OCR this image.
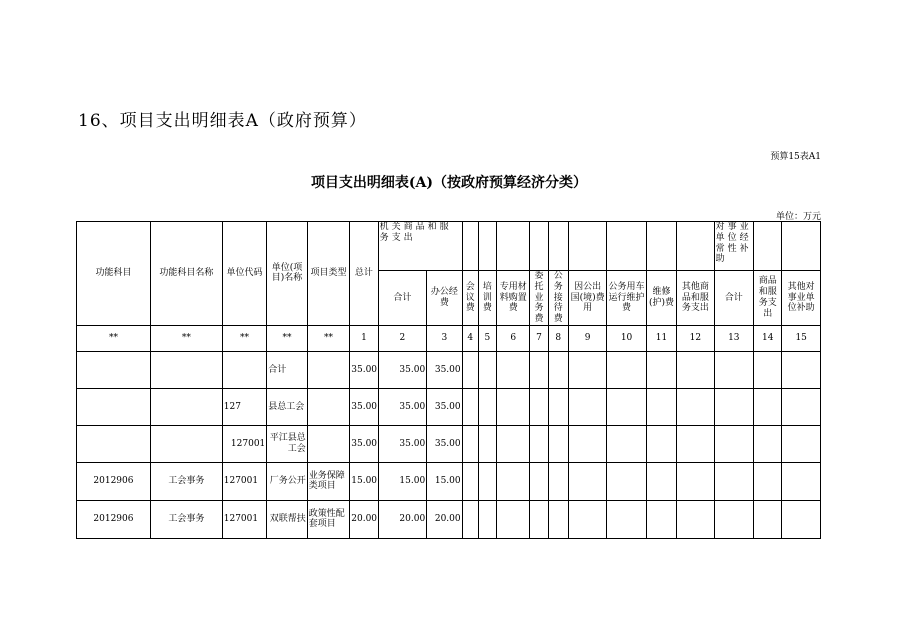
16、项目支出明细表A（政府预算）
预算15表A1
项目支出明细表(A)（按政府预算经济分类）
单位：万元
功能科目	功能科目名称	单位代码	单位(项目)名称	项目类型	总计	机关商品和服务支出											对事业单位经常性补助		
						合计	办公经费	会议费	培训费	专用材料购置费	委托业务费	公务接待费	因公出国(境)费用	公务用车运行维护费	维修(护)费	其他商品和服务支出	合计	商品和服务支出	其他对事业单位补助
**	**	**	**	**	1	2	3	4	5	6	7	8	9	10	11	12	13	14	15
			合计		35.00	35.00	35.00												
		127	县总工会		35.00	35.00	35.00												
		127001	平江县总工会		35.00	35.00	35.00												
2012906	工会事务	127001	厂务公开	业务保障类项目	15.00	15.00	15.00												
2012906	工会事务	127001	双联帮扶	政策性配套项目	20.00	20.00	20.00												
